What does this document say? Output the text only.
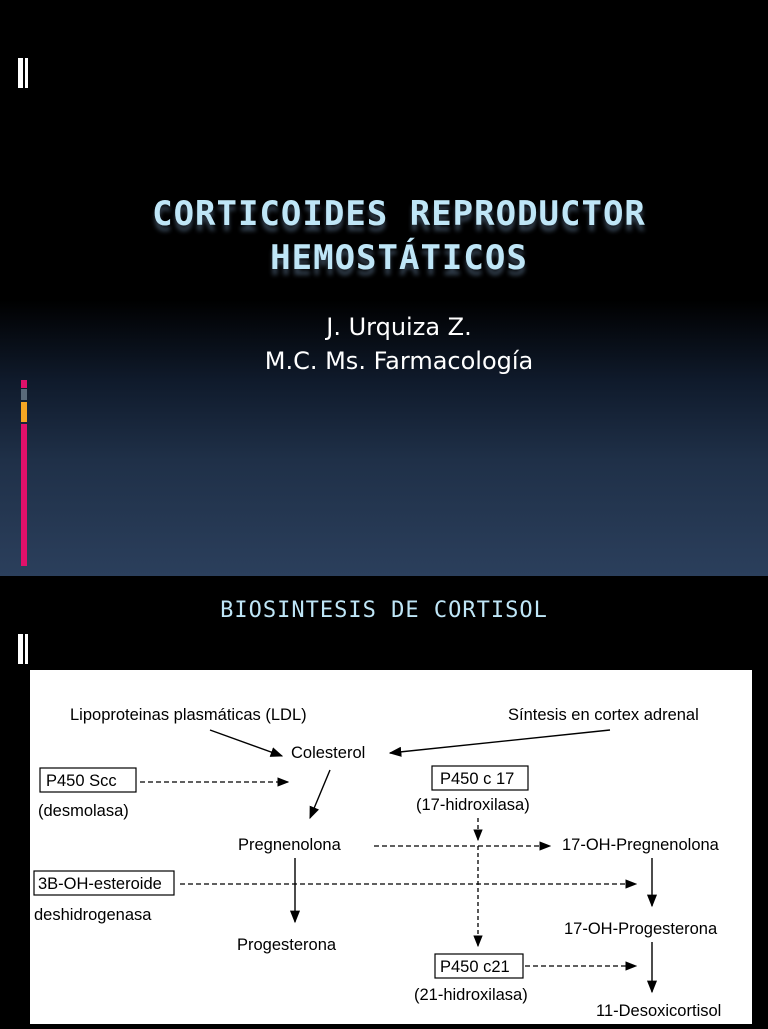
CORTICOIDES REPRODUCTOR
HEMOSTÁTICOS
J. Urquiza Z.
M.C. Ms. Farmacología
BIOSINTESIS DE CORTISOL
Lipoproteinas plasmáticas (LDL)	Síntesis en cortex adrenal
Colesterol
P450 Scc
(desmolasa)
P450 c 17
(17-hidroxilasa)
Pregnenolona	17-OH-Pregnenolona
3B-OH-esteroide
deshidrogenasa
17-OH-Progesterona
Progesterona
P450 c21
(21-hidroxilasa)
11-Desoxicortisol
